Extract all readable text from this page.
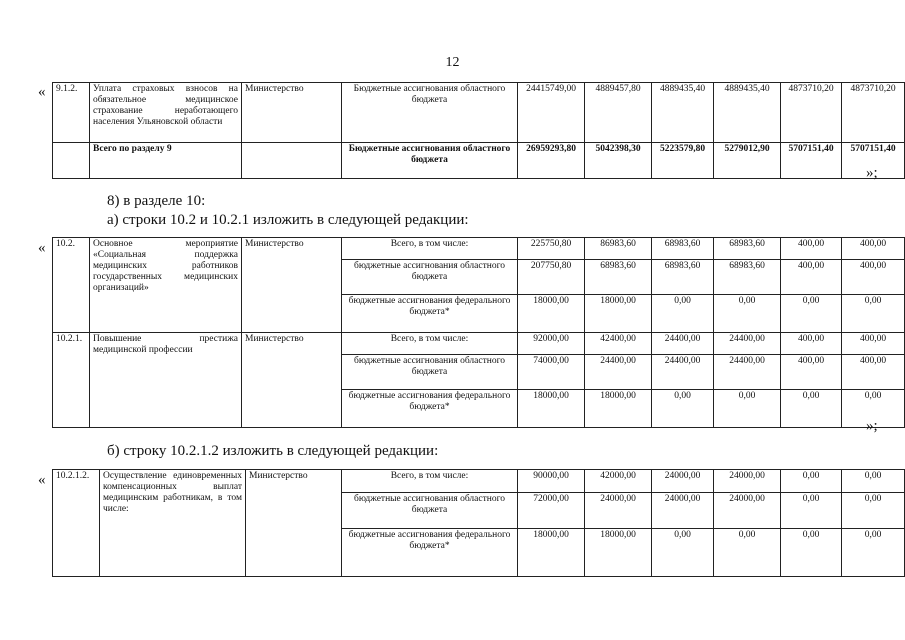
12
« 9.1.2.	Уплата страховых взносов на обязательное медицинское страхование неработающего населения Ульяновской области	Министерство	Бюджетные ассигнования областного бюджета	24415749,00	4889457,80	4889435,40	4889435,40	4873710,20	4873710,20
	Всего по разделу 9		Бюджетные ассигнования областного бюджета	26959293,80	5042398,30	5223579,80	5279012,90	5707151,40	5707151,40
»;
8) в разделе 10:
а) строки 10.2 и 10.2.1 изложить в следующей редакции:
« 10.2.	Основное мероприятие «Социальная поддержка медицинских работников государственных медицинских организаций»	Министерство	Всего, в том числе:	225750,80	86983,60	68983,60	68983,60	400,00	400,00
			бюджетные ассигнования областного бюджета	207750,80	68983,60	68983,60	68983,60	400,00	400,00
			бюджетные ассигнования федерального бюджета*	18000,00	18000,00	0,00	0,00	0,00	0,00
10.2.1.	Повышение престижа медицинской профессии	Министерство	Всего, в том числе:	92000,00	42400,00	24400,00	24400,00	400,00	400,00
			бюджетные ассигнования областного бюджета	74000,00	24400,00	24400,00	24400,00	400,00	400,00
			бюджетные ассигнования федерального бюджета*	18000,00	18000,00	0,00	0,00	0,00	0,00
»;
б) строку 10.2.1.2 изложить в следующей редакции:
« 10.2.1.2.	Осуществление единовременных компенсационных выплат медицинским работникам, в том числе:	Министерство	Всего, в том числе:	90000,00	42000,00	24000,00	24000,00	0,00	0,00
			бюджетные ассигнования областного бюджета	72000,00	24000,00	24000,00	24000,00	0,00	0,00
			бюджетные ассигнования федерального бюджета*	18000,00	18000,00	0,00	0,00	0,00	0,00
